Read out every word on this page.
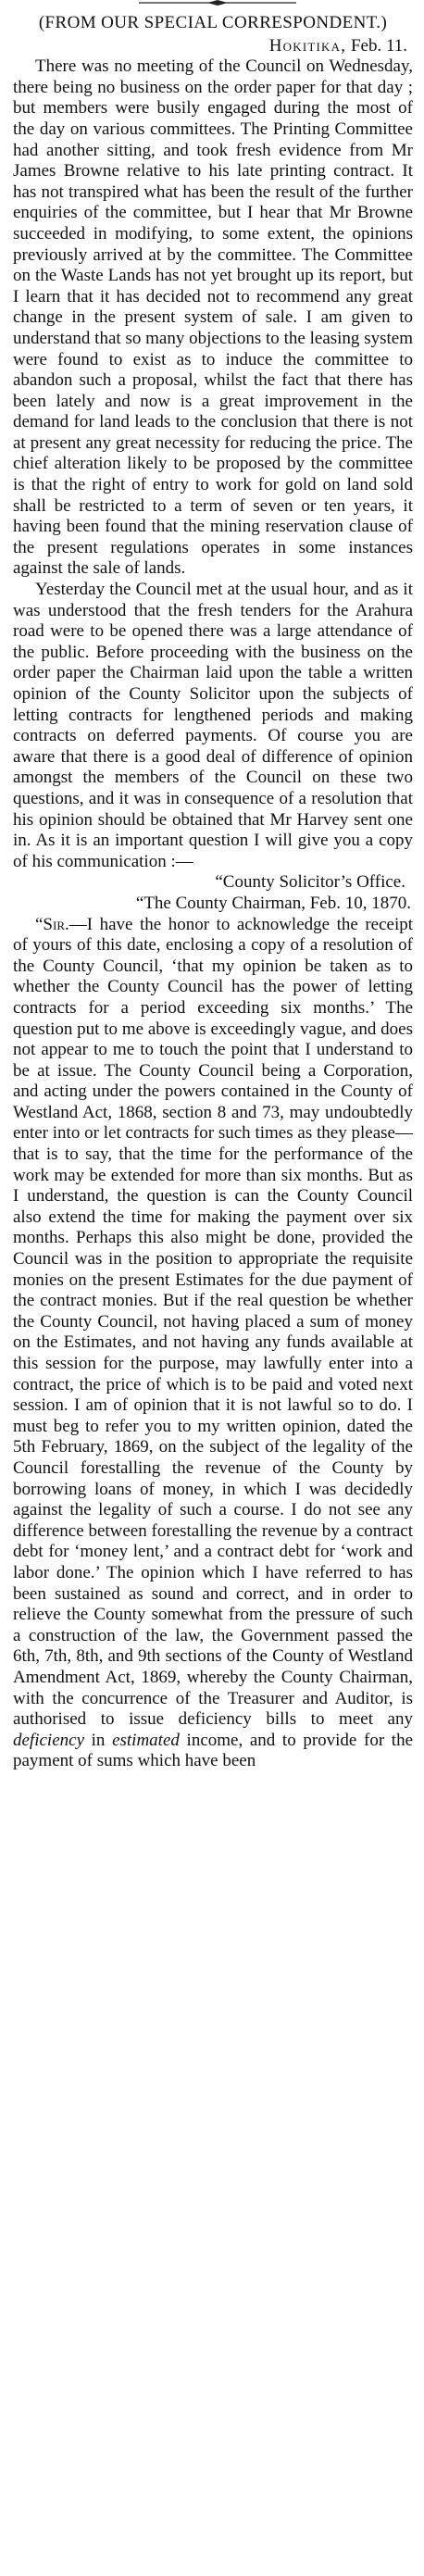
(FROM OUR SPECIAL CORRESPONDENT.)
Hokitika, Feb. 11.

There was no meeting of the Council on Wednesday, there being no business on the order paper for that day ; but members were busily engaged during the most of the day on various committees. The Printing Committee had another sitting, and took fresh evidence from Mr James Browne relative to his late printing contract. It has not transpired what has been the result of the further enquiries of the committee, but I hear that Mr Browne succeeded in modifying, to some extent, the opinions previously arrived at by the committee. The Committee on the Waste Lands has not yet brought up its report, but I learn that it has decided not to recommend any great change in the present system of sale. I am given to understand that so many objections to the leasing system were found to exist as to induce the committee to abandon such a proposal, whilst the fact that there has been lately and now is a great improvement in the demand for land leads to the conclusion that there is not at present any great necessity for reducing the price. The chief alteration likely to be proposed by the committee is that the right of entry to work for gold on land sold shall be restricted to a term of seven or ten years, it having been found that the mining reservation clause of the present regulations operates in some instances against the sale of lands.

Yesterday the Council met at the usual hour, and as it was understood that the fresh tenders for the Arahura road were to be opened there was a large attendance of the public. Before proceeding with the business on the order paper the Chairman laid upon the table a written opinion of the County Solicitor upon the subjects of letting contracts for lengthened periods and making contracts on deferred payments. Of course you are aware that there is a good deal of difference of opinion amongst the members of the Council on these two questions, and it was in consequence of a resolution that his opinion should be obtained that Mr Harvey sent one in. As it is an important question I will give you a copy of his communication :—

“County Solicitor’s Office.
“The County Chairman, Feb. 10, 1870.

“Sir.—I have the honor to acknowledge the receipt of yours of this date, enclosing a copy of a resolution of the County Council, ‘that my opinion be taken as to whether the County Council has the power of letting contracts for a period exceeding six months.’ The question put to me above is exceedingly vague, and does not appear to me to touch the point that I understand to be at issue. The County Council being a Corporation, and acting under the powers contained in the County of Westland Act, 1868, section 8 and 73, may undoubtedly enter into or let contracts for such times as they please—that is to say, that the time for the performance of the work may be extended for more than six months. But as I understand, the question is can the County Council also extend the time for making the payment over six months. Perhaps this also might be done, provided the Council was in the position to appropriate the requisite monies on the present Estimates for the due payment of the contract monies. But if the real question be whether the County Council, not having placed a sum of money on the Estimates, and not having any funds available at this session for the purpose, may lawfully enter into a contract, the price of which is to be paid and voted next session. I am of opinion that it is not lawful so to do. I must beg to refer you to my written opinion, dated the 5th February, 1869, on the subject of the legality of the Council forestalling the revenue of the County by borrowing loans of money, in which I was decidedly against the legality of such a course. I do not see any difference between forestalling the revenue by a contract debt for ‘money lent,’ and a contract debt for ‘work and labor done.’ The opinion which I have referred to has been sustained as sound and correct, and in order to relieve the County somewhat from the pressure of such a construction of the law, the Government passed the 6th, 7th, 8th, and 9th sections of the County of Westland Amendment Act, 1869, whereby the County Chairman, with the concurrence of the Treasurer and Auditor, is authorised to issue deficiency bills to meet any deficiency in estimated income, and to provide for the payment of sums which have been
